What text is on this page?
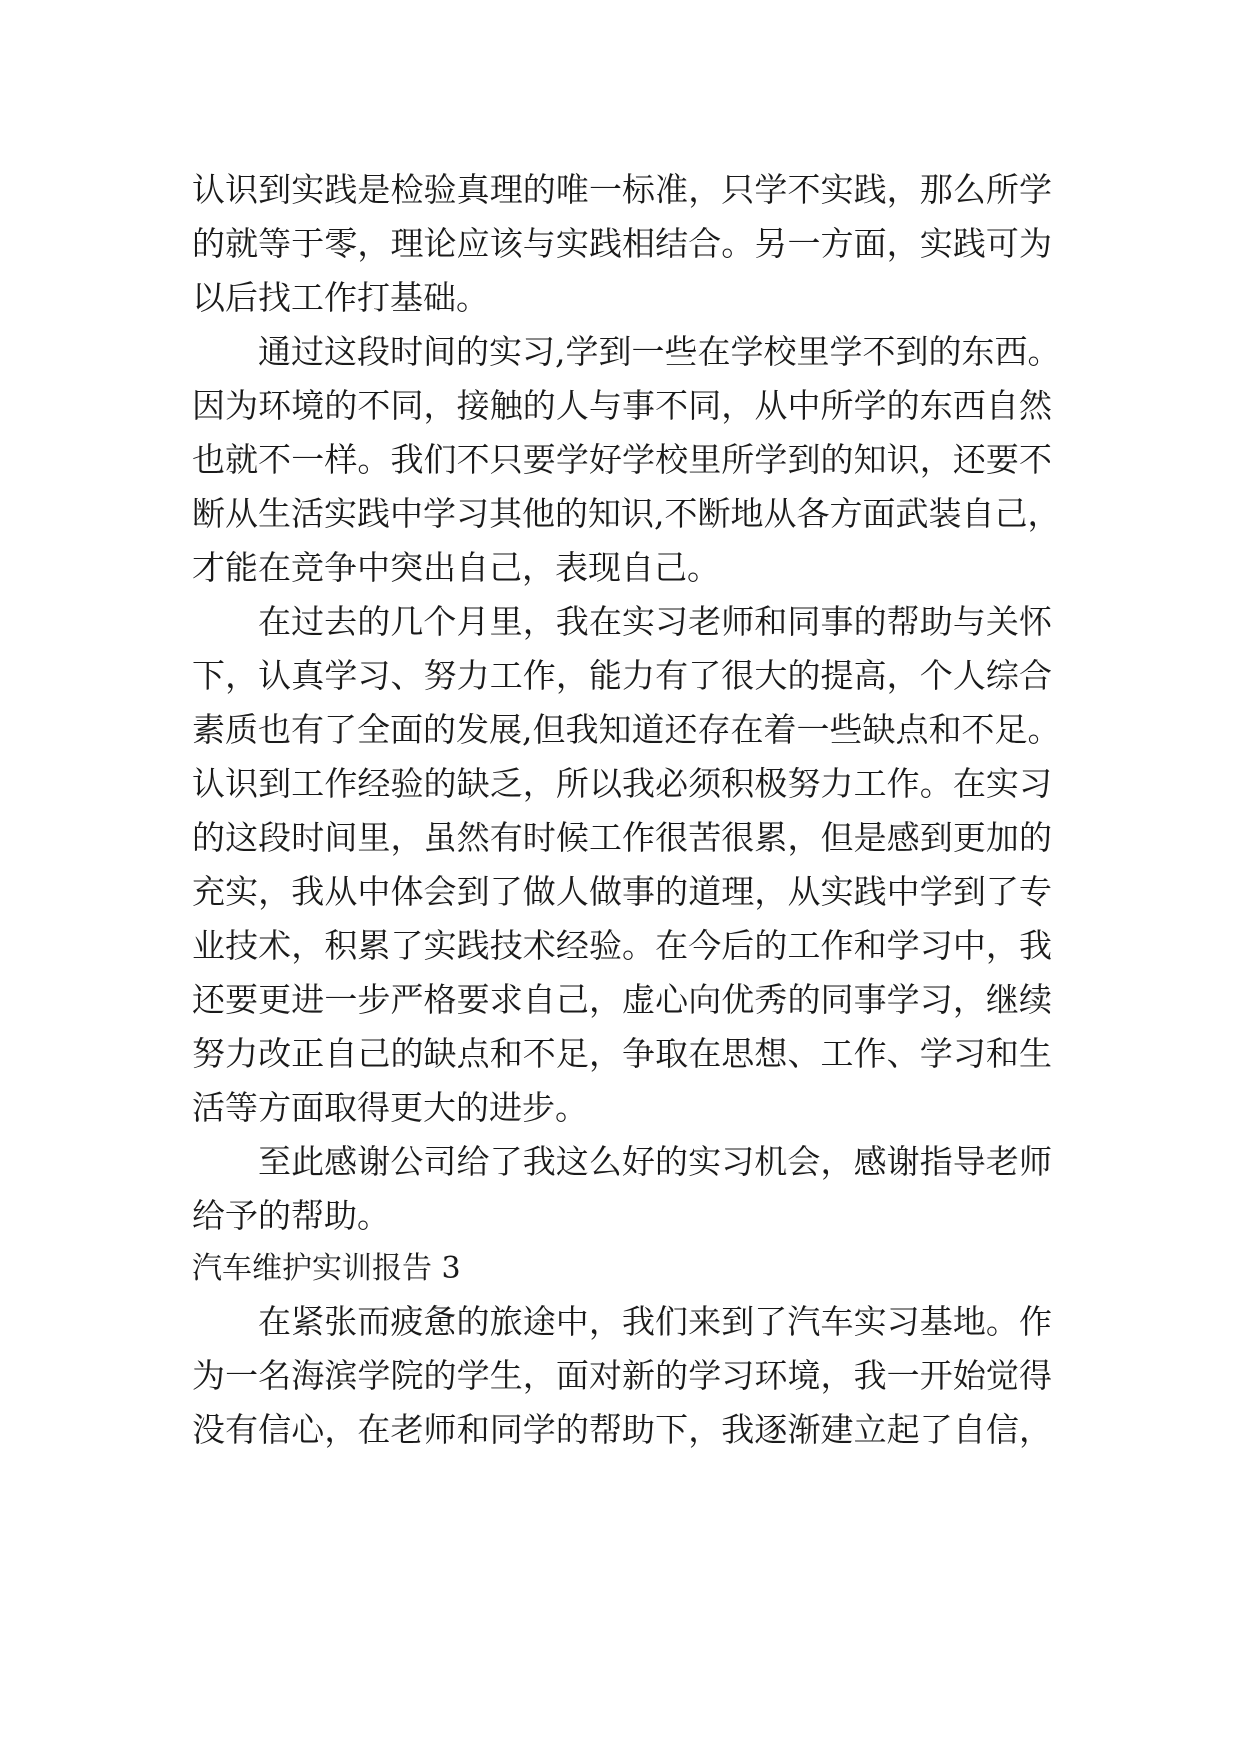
认识到实践是检验真理的唯一标准，只学不实践，那么所学
的就等于零，理论应该与实践相结合。另一方面，实践可为
以后找工作打基础。
通过这段时间的实习,学到一些在学校里学不到的东西。
因为环境的不同，接触的人与事不同，从中所学的东西自然
也就不一样。我们不只要学好学校里所学到的知识，还要不
断从生活实践中学习其他的知识,不断地从各方面武装自己，
才能在竞争中突出自己，表现自己。
在过去的几个月里，我在实习老师和同事的帮助与关怀
下，认真学习、努力工作，能力有了很大的提高，个人综合
素质也有了全面的发展,但我知道还存在着一些缺点和不足。
认识到工作经验的缺乏，所以我必须积极努力工作。在实习
的这段时间里，虽然有时候工作很苦很累，但是感到更加的
充实，我从中体会到了做人做事的道理，从实践中学到了专
业技术，积累了实践技术经验。在今后的工作和学习中，我
还要更进一步严格要求自己，虚心向优秀的同事学习，继续
努力改正自己的缺点和不足，争取在思想、工作、学习和生
活等方面取得更大的进步。
至此感谢公司给了我这么好的实习机会，感谢指导老师
给予的帮助。
汽车维护实训报告 3
在紧张而疲惫的旅途中，我们来到了汽车实习基地。作
为一名海滨学院的学生，面对新的学习环境，我一开始觉得
没有信心，在老师和同学的帮助下，我逐渐建立起了自信，
